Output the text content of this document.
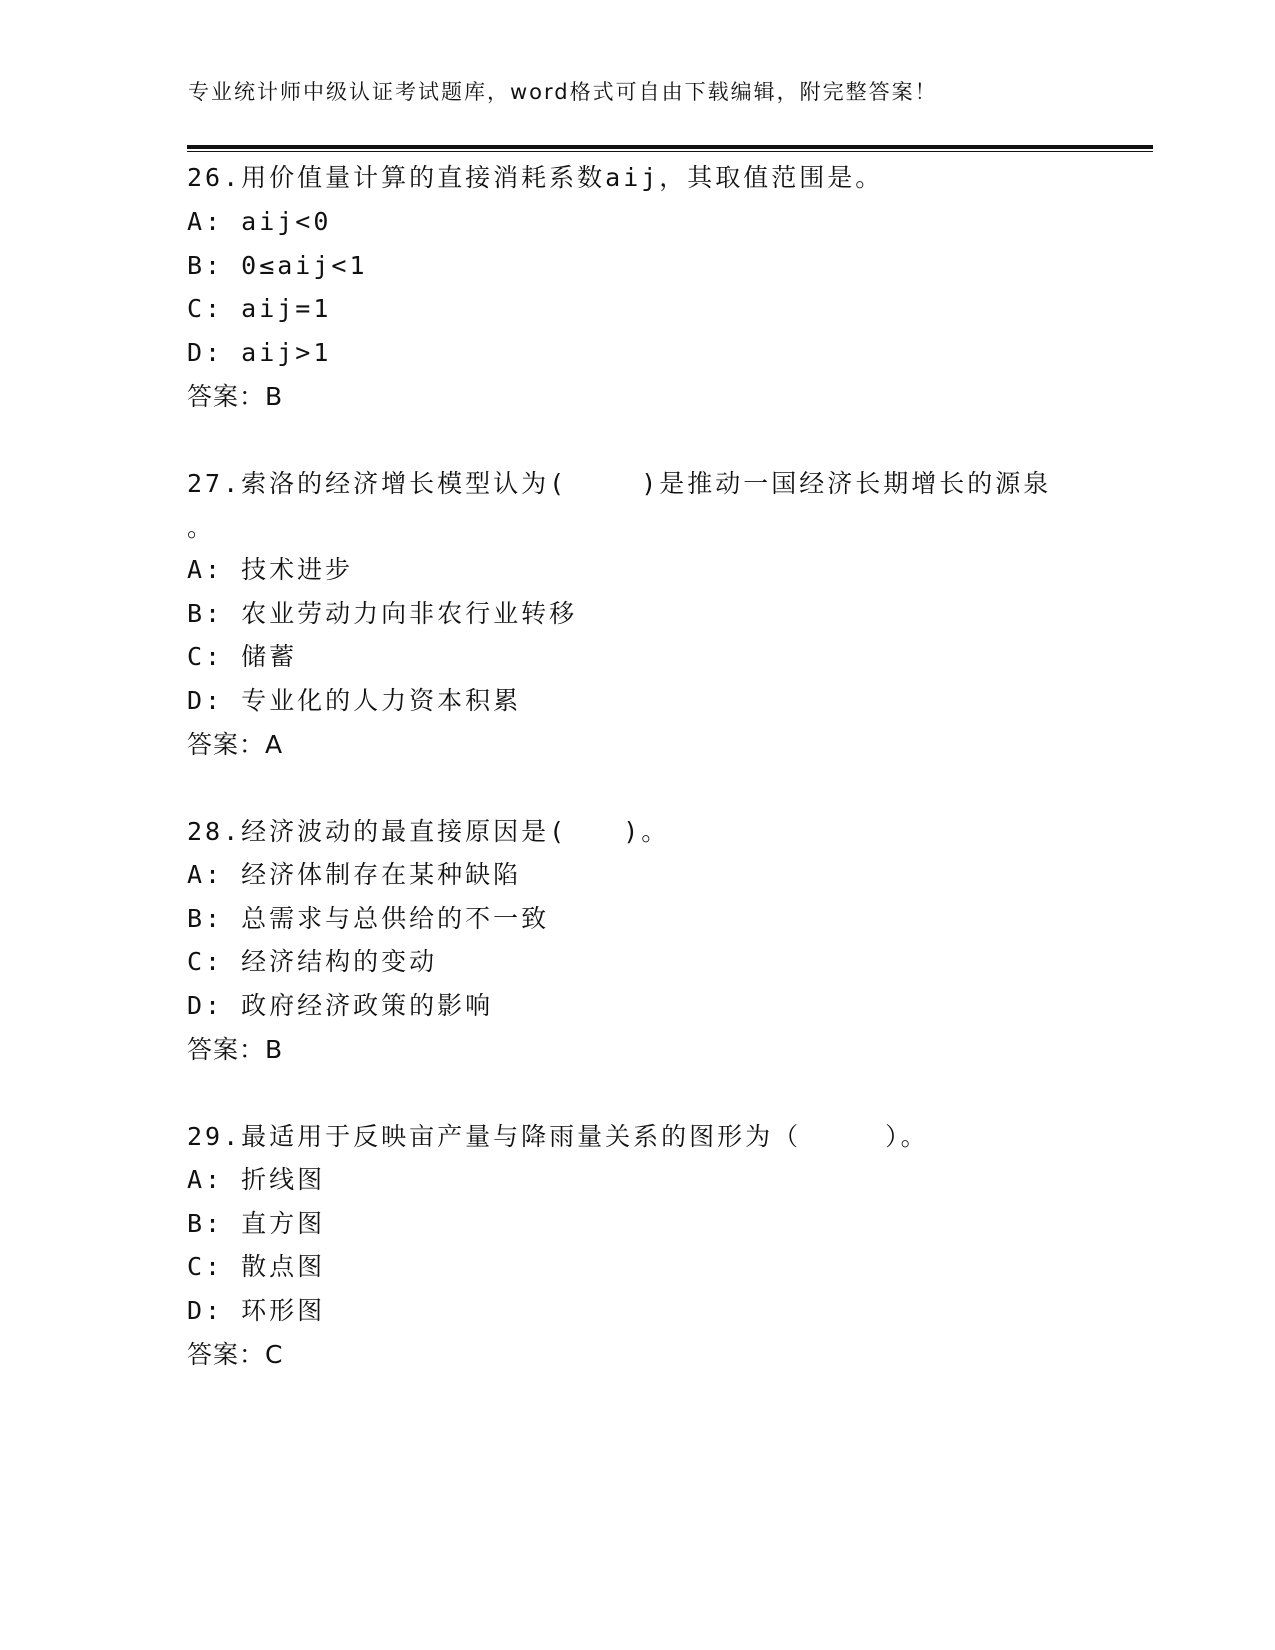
专业统计师中级认证考试题库，word格式可自由下载编辑，附完整答案！
26.用价值量计算的直接消耗系数aij，其取值范围是。
A: aij<0
B: 0≤aij<1
C: aij=1
D: aij>1
答案：B
27.索洛的经济增长模型认为(　　 )是推动一国经济长期增长的源泉
。
A: 技术进步
B: 农业劳动力向非农行业转移
C: 储蓄
D: 专业化的人力资本积累
答案：A
28.经济波动的最直接原因是(　　)。
A: 经济体制存在某种缺陷
B: 总需求与总供给的不一致
C: 经济结构的变动
D: 政府经济政策的影响
答案：B
29.最适用于反映亩产量与降雨量关系的图形为（　　　）。
A: 折线图
B: 直方图
C: 散点图
D: 环形图
答案：C
